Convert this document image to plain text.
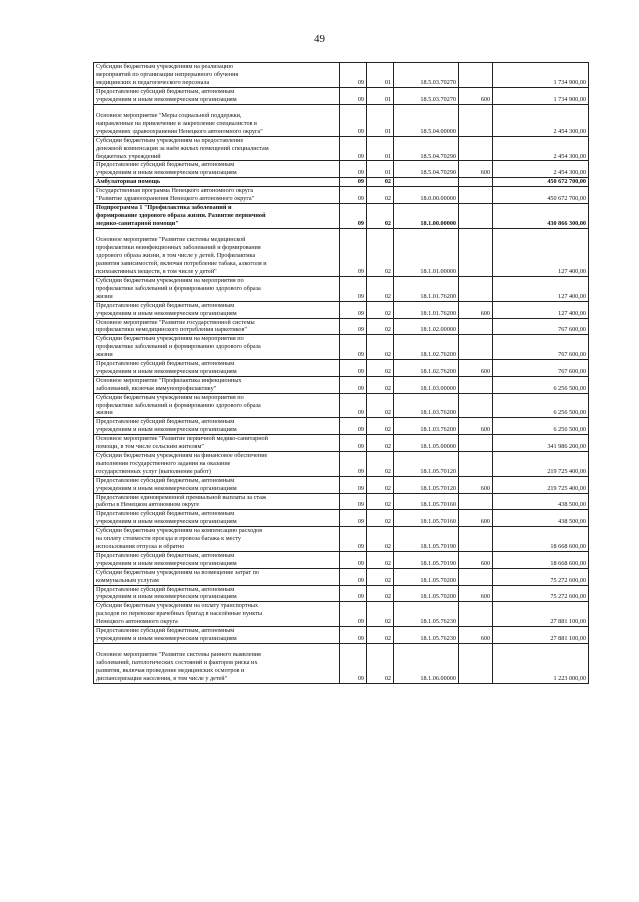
49
Субсидии бюджетным учреждениям на реализацию
мероприятий по организации непрерывного обучения
медицинских и педагогического персонала	09	01	18.5.03.70270		1 734 900,00
Предоставление субсидий бюджетным, автономным
учреждениям и иным некоммерческим организациям	09	01	18.5.03.70270	600	1 734 900,00
Основное мероприятие "Меры социальной поддержки,
направленные на привлечение и закрепление специалистов в
учреждениях здравоохранения Ненецкого автономного округа"	09	01	18.5.04.00000		2 454 300,00
Субсидии бюджетным учреждениям на предоставление
денежной компенсации за наём жилых помещений специалистам
бюджетных учреждений	09	01	18.5.04.70290		2 454 300,00
Предоставление субсидий бюджетным, автономным
учреждениям и иным некоммерческим организациям	09	01	18.5.04.70290	600	2 454 300,00
Амбулаторная помощь	09	02			450 672 700,00
Государственная программа Ненецкого автономного округа
"Развитие здравоохранения Ненецкого автономного округа"	09	02	18.0.00.00000		450 672 700,00
Подпрограмма 1 "Профилактика заболеваний и
формирование здорового образа жизни. Развитие первичной
медико-санитарной помощи"	09	02	18.1.00.00000		430 866 300,00
Основное мероприятие "Развитие системы медицинской
профилактики неинфекционных заболеваний и формирования
здорового образа жизни, в том числе у детей. Профилактика
развития зависимостей, включая потребление табака, алкоголя и
психоактивных веществ, в том числе у детей"	09	02	18.1.01.00000		127 400,00
Субсидии бюджетным учреждениям на мероприятия по
профилактике заболеваний и формированию здорового образа
жизни	09	02	18.1.01.76200		127 400,00
Предоставление субсидий бюджетным, автономным
учреждениям и иным некоммерческим организациям	09	02	18.1.01.76200	600	127 400,00
Основное мероприятие "Развитие государственной системы
профилактики немедицинского потребления наркотиков"	09	02	18.1.02.00000		767 600,00
Субсидии бюджетным учреждениям на мероприятия по
профилактике заболеваний и формированию здорового образа
жизни	09	02	18.1.02.76200		767 600,00
Предоставление субсидий бюджетным, автономным
учреждениям и иным некоммерческим организациям	09	02	18.1.02.76200	600	767 600,00
Основное мероприятие "Профилактика инфекционных
заболеваний, включая иммунопрофилактику"	09	02	18.1.03.00000		6 256 500,00
Субсидии бюджетным учреждениям на мероприятия по
профилактике заболеваний и формированию здорового образа
жизни	09	02	18.1.03.76200		6 256 500,00
Предоставление субсидий бюджетным, автономным
учреждениям и иным некоммерческим организациям	09	02	18.1.03.76200	600	6 256 500,00
Основное мероприятие "Развитие первичной медико-санитарной
помощи, в том числе сельским жителям"	09	02	18.1.05.00000		341 986 200,00
Субсидии бюджетным учреждениям на финансовое обеспечение
выполнения государственного задания на оказание
государственных услуг (выполнение работ)	09	02	18.1.05.70120		219 725 400,00
Предоставление субсидий бюджетным, автономным
учреждениям и иным некоммерческим организациям	09	02	18.1.05.70120	600	219 725 400,00
Предоставление единовременной премиальной выплаты за стаж
работы в Ненецком автономном округе	09	02	18.1.05.70160		438 500,00
Предоставление субсидий бюджетным, автономным
учреждениям и иным некоммерческим организациям	09	02	18.1.05.70160	600	438 500,00
Субсидии бюджетным учреждениям на компенсацию расходов
на оплату стоимости проезда и провоза багажа к месту
использования отпуска и обратно	09	02	18.1.05.70190		18 668 600,00
Предоставление субсидий бюджетным, автономным
учреждениям и иным некоммерческим организациям	09	02	18.1.05.70190	600	18 668 600,00
Субсидии бюджетным учреждениям на возмещение затрат по
коммунальным услугам	09	02	18.1.05.70200		75 272 600,00
Предоставление субсидий бюджетным, автономным
учреждениям и иным некоммерческим организациям	09	02	18.1.05.70200	600	75 272 600,00
Субсидии бюджетным учреждениям на оплату транспортных
расходов по перевозке врачебных бригад в населённые пункты
Ненецкого автономного округа	09	02	18.1.05.76230		27 881 100,00
Предоставление субсидий бюджетным, автономным
учреждениям и иным некоммерческим организациям	09	02	18.1.05.76230	600	27 881 100,00
Основное мероприятие "Развитие системы раннего выявления
заболеваний, патологических состояний и факторов риска их
развития, включая проведение медицинских осмотров и
диспансеризации населения, в том числе у детей"	09	02	18.1.06.00000		1 223 000,00
